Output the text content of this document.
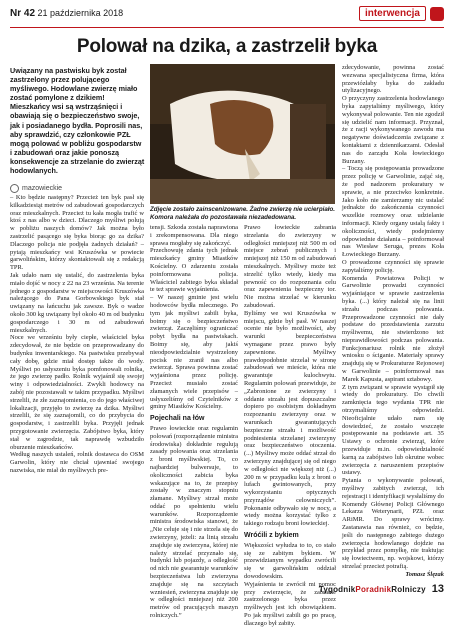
Nr 42 21 października 2018	interwencja
Polował na dzika, a zastrzelił byka
Uwiązany na pastwisku byk został zastrzelony przez polującego myśliwego. Hodowlane zwierzę miało zostać pomylone z dzikiem! Mieszkańcy wsi są wstrząśnięci i obawiają się o bezpieczeństwo swoje, jak i posiadanego bydła. Poprosili nas, aby sprawdzić, czy członkowie PZŁ mogą polować w pobliżu gospodarstw i zabudowań oraz jakie ponoszą konsekwencje za strzelanie do zwierząt hodowlanych.
mazowieckie
Zdjęcie zostało zainscenizowane. Żadne zwierzę nie ucierpiało. Komora należała do pozostawała niezadedowana.

– Kto będzie następny? Przecież ten byk pasł się kilkadziesiąt metrów od zabudowań gospodarczych oraz mieszkalnych. Przecież tu kała mogła trafić w ktoś z nas albo w dzieci. Dlaczego myśliwi polują w pobliżu naszych domów? Jak można było zastrzelić pasącego się byka biorąc go za dzika? Dlaczego policja nie podjęła żadnych działań? – pytają mieszkańcy wsi Kruszówka w powiecie garwolińskim, którzy skontaktowali się z redakcją TPR.

Jak udało nam się ustalić, do zastrzelenia byka miało dojść w nocy z 22 na 23 września. Na terenie jednego z gospodarstw w miejscowości Kruszówka należącego do Pana Gorbowskiego byk stał uwiązany na łańcuchu jak zawsze. Byk o wadze około 300 kg uwiązany był około 40 m od budynku gospodarczego i 30 m od zabudowań mieszkalnych.

Noce we wrześniu były ciepłe, właściciel byka zdecydował, że nie będzie on przeprowadzany do budynku inwentarskiego. Na pastwisku przebywał cały dobę, gdzie miał dostęp także do wody. Myśliwi po usłyszeniu byka pomfonowali rolnika, że jego zwierzę padło. Rolnik wyjaśnił się swojej winy i odpowiedzialności. Zwykli hodowcy na zabój nie pozostawali w takim przypadku. Myśliwi strzelili, że złe zaznajomienia, co do jego właściwej lokalizacji, przyjęło to zwierzę za dzika. Myśliwi strzelili, że się zaznajomili, co do przybycia do gospodarstw, i zastrzelili byka. Przyjęli jednak przygotowanie zwierzęcia. Zabójstwo byka, który stał w zagrodzie, tak naprawdę wzbudziło oburzenie mieszkańców.

Według naszych ustaleń, rolnik dostawca do OSM Garwolin, który nie chciał ujawniać swojego nazwiska, nie miał do myśliwych pre-

tensji. Szkoda została naprawiona i zrekompensowana. Dla niego sprawa mogłaby się zakończyć.

Przechowuję zdania tych jednak mieszkańcy gminy Miastków Kościelny. O zdarzeniu została poinformowana policja. Właściciel zabitego byka składał te też sprawie wyjaśnienia.

– W naszej gminie jest wielu hodowców bydła mlecznego. Po tym jak myśliwi zabili byka, boimy się o bezpieczeństwo zwierząt. Zaczęliśmy ograniczać pobyt bydła na pastwiskach. Boimy się, aby jakiś nieodpowiedzialnie wystrzelony pocisk nie zranił nas albo zwierząt. Sprawa powinna zostać wyjaśniona przez policję. Przecież musiało zostać złamanych wiele przepisów – usłyszeliśmy od Czytelników z gminy Miastków Kościelny.

Pojechali na łów

Prawo łowieckie oraz regulamin polowań (rozporządzenie ministra środowiska) dokładnie regulują zasady polowania oraz strzelania z broni myśliwskiej. To, co najbardziej bulwersuje, to okoliczności zabicia byka wskazujące na to, że przepisy zostały w znaczym stopniu złamane. Myśliwy strzał może oddać po spełnieniu wielu warunków. Rozporządzenie ministra środowiska stanowi, że „Nie celuje się i nie strzela się do zwierzyny, jeżeli: za linią strzału znajduje się zwierzyna, której nie należy strzelać przyznało się, budynki lub pojazdy, a odległość od nich nie gwarantuje warunków bezpieczeństwa lub zwierzyna znajduje się na szczytach wzniesień, zwierzyna znajduje się w odległości mniejszej niż 200 metrów od pracujących maszyn rolniczych.”

Prawo łowieckie zabrania strzelania do zwierzyny w odległości mniejszej niż 500 m od miejsce zebrań publicznych i mniejszej niż 150 m od zabudowań mieszkalnych. Myśliwy może też strzelić tylko wtedy, kiedy ma pewność co do rozpoznania celu oraz zapewnienia bezpieczny tor. Nie można strzelać w kierunku zabudowań.

Byliśmy we wsi Kruszówka w miejscu, gdzie był pasł. W naszej ocenie nie było możliwości, aby warunki bezpieczeństwa wymagane przez prawo były zapewnione. Myśliwy prawdopodobnie strzelał w stronę zabudowań we mieście, która nie gwarantuje kulochwytu. Regulamin polowań przewiduje, że „Zabronione ze zwierzyny i oddanie strzału jest dopuszczalne dopiero po osobistym dokładnym rozpoznaniu zwierzyny oraz w warunkach gwarantujących bezpieczne strzału i możliwość podniesienia strzelanej zwierzyny oraz bezpieczeństwo otoczenia. (...) Myśliwy może oddać strzał do zwierzyny znajdującej się od niego w odległości nie większej niż (...) 200 m w przypadku kulą z broni o lufach gwintowanych, przy wykorzystaniu optycznych przyrządów celowniczych”. Pokonanie odbywało się w nocy, a wtedy można korzystać tylko z takiego rodzaju broni łowieckiej.

Wróćili z bykiem

Większości wyłudza to to, co stało się ze zabitym bykiem. W przewidzianym wypadku zwrócili się w garwolińskim oddział dowodowskim.

Wyjaśnienia te zwrócił mi pomoc przy zwierzęcie, że zabranie zastrzelonego byka przez myśliwych jest ich obowiązkiem. Po jak myśliwi zabili go po pracę, dlaczego był zabity.

zdecydowanie, powinna zostać wezwana specjalistyczna firma, która przewiózłaby byka do zakładu utylizacyjnego.

O przyczyny zastrzelenia hodowlanego byka zapytaliśmy myśliwego, który wykonywał polowanie. Ten nie zgodził się udzielić nam informacji. Przyznał, że z racji wykonywanego zawodu ma negatywne doświadczenia związane z kontaktami z dziennikarzami. Odesłał nas do zarządu Koła łowieckiego Burzany.

– Toczą się postępowania prowadzone przez policję w Garwolinie, zająć się, że pod nadzorem prokuratury w sprawie, a nie przeciwko konkretnie. Jako koło nie zamierzamy nic ustalać jednakże do zakończenia czynności wszelkie rozmowy oraz udzielanie informacji. Kiedy organy ustalą fakty i okoliczności, wtedy podejmiemy odpowiednie działania – poinformował nas Wiesław Seruga, prezes Koła Łowieckiego Burzany.

O prowadzone czynności się sprawie zapytaliśmy policję.

Komenda Powiatowa Policji w Garwolinie prowadzi czynności wyjaśniające w sprawie zastrzelenia byka. (...) który należał się na linii strzału podczas polowania. Przeprowadzone czynności nie dały podstaw do przedstawienia zarzutu myśliwemu, nie stwierdzono też nieprawidłowości podczas polowania. Funkcjonariusz rolnik nie złożył wniosku o ściganie. Materiały sprawy znajdują się w Prokuraturze Rejonowej w Garwolinie – poinformował nas Marek Kapusta, aspirant sztabowy.

Z tym związani w sprawie wystąpił się wtedy do prokuratury. Do chwili zamknięcia tego wydania TPR nie otrzymaliśmy odpowiedzi. Nieoficjalnie udało nam się dowiedzieć, że zostało wszczęte postępowanie na podstawie art. 35 Ustawy o ochronie zwierząt, które przewiduje m.in. odpowiedzialność karną za zabójstwo lub okrutne wobec zwierzęcia z naruszeniem przepisów ustawy.

Pytania o wykonywanie polowań, myśliwy zabitych zwierząt, ich rejestracji i identyfikacji wysłaliśmy do Komendy Głównej Policji Głównego Lekarza Weterynarii, PZŁ oraz ARiMR. Do sprawy wrócimy. Zastanawia nas również, co będzie, jeśli do następnego zabitego dużego zwierzęcia hodowlanego dojdzie na przykład przez pomyłkę, nie traktując się łowiectwem, np. wojskowi, którzy strzelać przecież potrafią.

Tomasz Ślęzak

TygodnikPoradnikRolniczy 13
